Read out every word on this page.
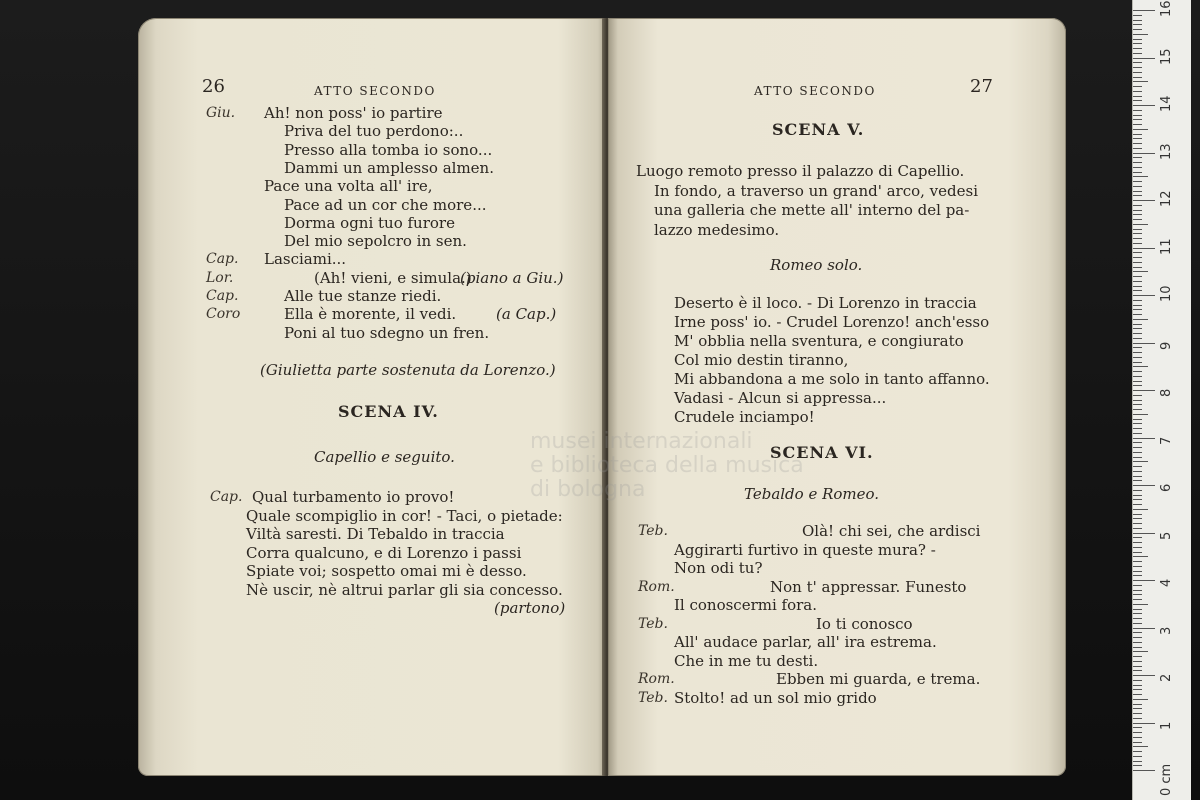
26	ATTO SECONDO
Giu. Ah! non poss' io partire
Priva del tuo perdono:..
Presso alla tomba io sono...
Dammi un amplesso almen.
Pace una volta all' ire,
Pace ad un cor che more...
Dorma ogni tuo furore
Del mio sepolcro in sen.
Cap. Lasciami...
Lor.	(Ah! vieni, e simula.)
(piano a Giu.)
Cap.	Alle tue stanze riedi.
Coro	Ella è morente, il vedi.	(a Cap.)
Poni al tuo sdegno un fren.
(Giulietta parte sostenuta da Lorenzo.)
SCENA IV.
Capellio e seguito.
Cap. Qual turbamento io provo!
Quale scompiglio in cor! - Taci, o pietade:
Viltà saresti. Di Tebaldo in traccia
Corra qualcuno, e di Lorenzo i passi
Spiate voi; sospetto omai mi è desso.
Nè uscir, nè altrui parlar gli sia concesso.
(partono)
ATTO SECONDO	27
SCENA V.
Luogo remoto presso il palazzo di Capellio.
In fondo, a traverso un grand' arco, vedesi
una galleria che mette all' interno del pa-
lazzo medesimo.
Romeo solo.
Deserto è il loco. - Di Lorenzo in traccia
Irne poss' io. - Crudel Lorenzo! anch'esso
M' obblia nella sventura, e congiurato
Col mio destin tiranno,
Mi abbandona a me solo in tanto affanno.
Vadasi - Alcun si appressa...
Crudele inciampo!
SCENA VI.
Tebaldo e Romeo.
Teb.	Olà! chi sei, che ardisci
Aggirarti furtivo in queste mura? -
Non odi tu?
Rom.	Non t' appressar. Funesto
Il conoscermi fora.
Teb.	Io ti conosco
All' audace parlar, all' ira estrema.
Che in me tu desti.
Rom.	Ebben mi guarda, e trema.
Teb. Stolto! ad un sol mio grido
musei internazionali
e biblioteca della musica
di bologna
0 cm
1
2
3
4
5
6
7
8
9
10
11
12
13
14
15
16
